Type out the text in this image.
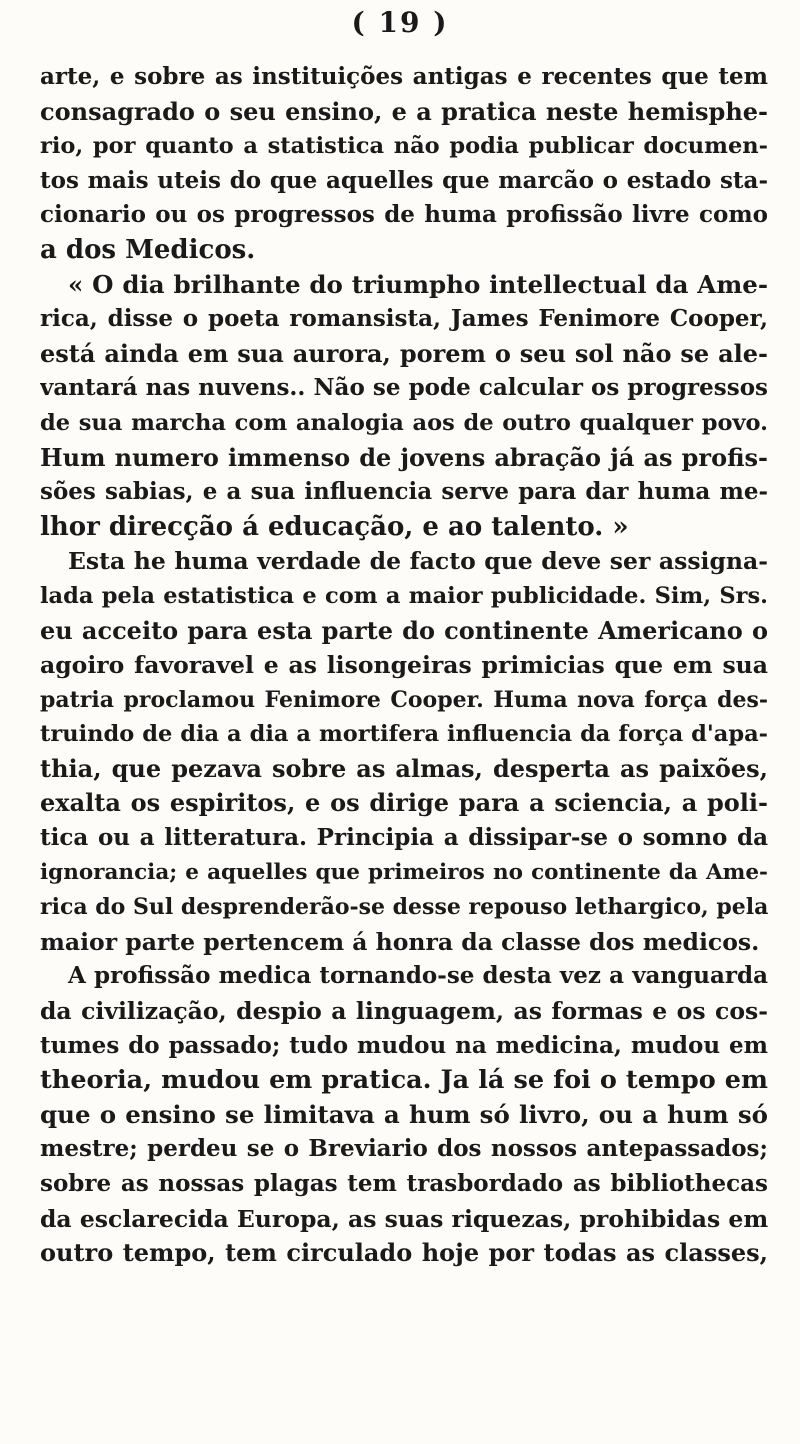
( 19 )
arte, e sobre as instituições antigas e recentes que tem
consagrado o seu ensino, e a pratica neste hemisphe-
rio, por quanto a statistica não podia publicar documen-
tos mais uteis do que aquelles que marcão o estado sta-
cionario ou os progressos de huma profissão livre como
a dos Medicos.
« O dia brilhante do triumpho intellectual da Ame-
rica, disse o poeta romansista, James Fenimore Cooper,
está ainda em sua aurora, porem o seu sol não se ale-
vantará nas nuvens.. Não se pode calcular os progressos
de sua marcha com analogia aos de outro qualquer povo.
Hum numero immenso de jovens abração já as profis-
sões sabias, e a sua influencia serve para dar huma me-
lhor direcção á educação, e ao talento. »
Esta he huma verdade de facto que deve ser assigna-
lada pela estatistica e com a maior publicidade. Sim, Srs.
eu acceito para esta parte do continente Americano o
agoiro favoravel e as lisongeiras primicias que em sua
patria proclamou Fenimore Cooper. Huma nova força des-
truindo de dia a dia a mortifera influencia da força d'apa-
thia, que pezava sobre as almas, desperta as paixões,
exalta os espiritos, e os dirige para a sciencia, a poli-
tica ou a litteratura. Principia a dissipar-se o somno da
ignorancia; e aquelles que primeiros no continente da Ame-
rica do Sul desprenderão-se desse repouso lethargico, pela
maior parte pertencem á honra da classe dos medicos.
A profissão medica tornando-se desta vez a vanguarda
da civilização, despio a linguagem, as formas e os cos-
tumes do passado; tudo mudou na medicina, mudou em
theoria, mudou em pratica. Ja lá se foi o tempo em
que o ensino se limitava a hum só livro, ou a hum só
mestre; perdeu se o Breviario dos nossos antepassados;
sobre as nossas plagas tem trasbordado as bibliothecas
da esclarecida Europa, as suas riquezas, prohibidas em
outro tempo, tem circulado hoje por todas as classes,
